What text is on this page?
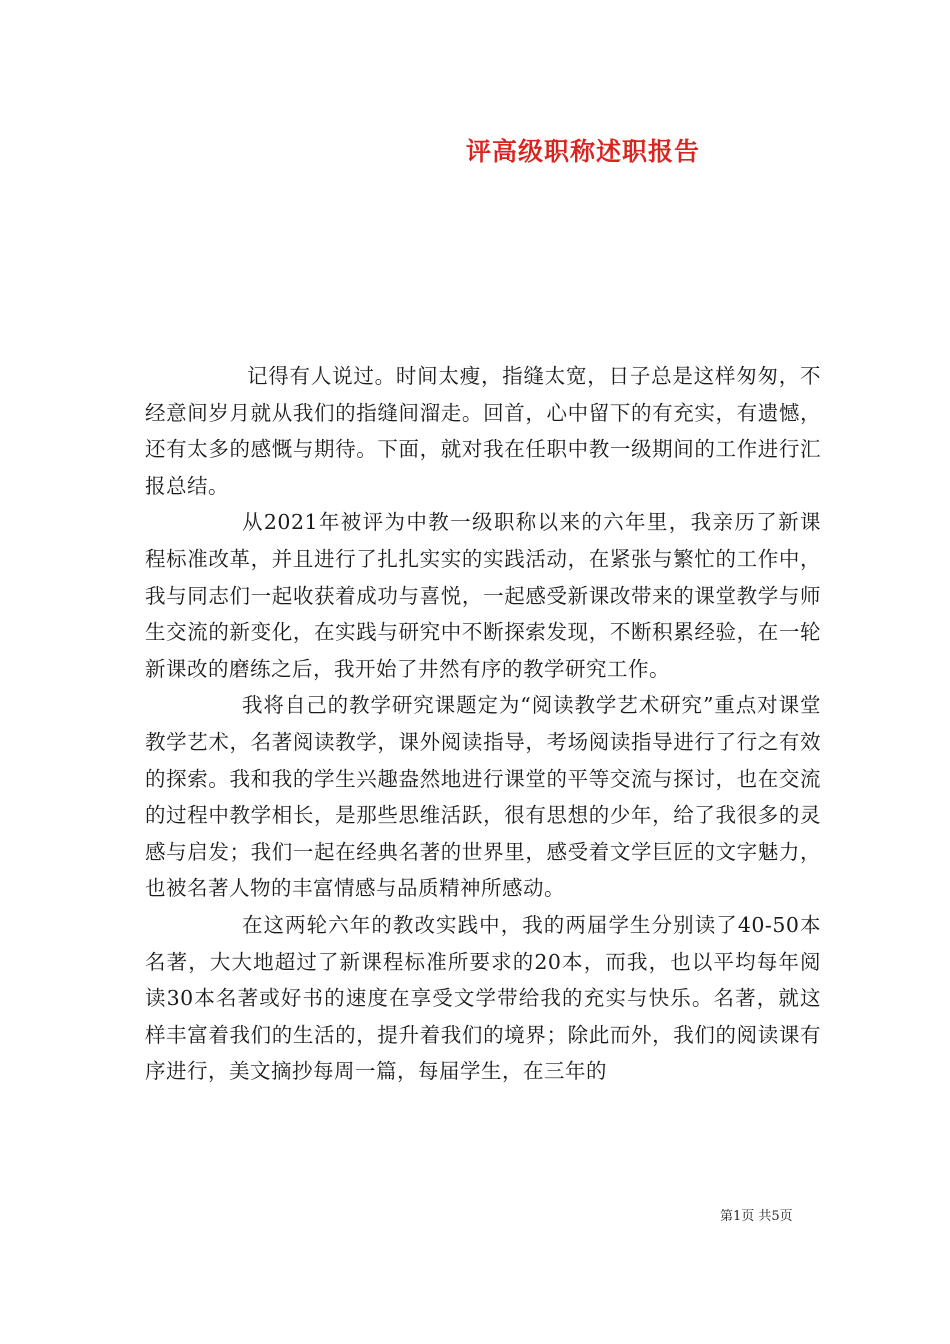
评高级职称述职报告

记得有人说过。时间太瘦，指缝太宽，日子总是这样匆匆，不经意间岁月就从我们的指缝间溜走。回首，心中留下的有充实，有遗憾，还有太多的感慨与期待。下面，就对我在任职中教一级期间的工作进行汇报总结。

从2021年被评为中教一级职称以来的六年里，我亲历了新课程标准改革，并且进行了扎扎实实的实践活动，在紧张与繁忙的工作中，我与同志们一起收获着成功与喜悦，一起感受新课改带来的课堂教学与师生交流的新变化，在实践与研究中不断探索发现，不断积累经验，在一轮新课改的磨练之后，我开始了井然有序的教学研究工作。

我将自己的教学研究课题定为“阅读教学艺术研究”重点对课堂教学艺术，名著阅读教学，课外阅读指导，考场阅读指导进行了行之有效的探索。我和我的学生兴趣盎然地进行课堂的平等交流与探讨，也在交流的过程中教学相长，是那些思维活跃，很有思想的少年，给了我很多的灵感与启发；我们一起在经典名著的世界里，感受着文学巨匠的文字魅力，也被名著人物的丰富情感与品质精神所感动。

在这两轮六年的教改实践中，我的两届学生分别读了40-50本名著，大大地超过了新课程标准所要求的20本，而我，也以平均每年阅读30本名著或好书的速度在享受文学带给我的充实与快乐。名著，就这样丰富着我们的生活的，提升着我们的境界；除此而外，我们的阅读课有序进行，美文摘抄每周一篇，每届学生，在三年的

第1页 共5页
